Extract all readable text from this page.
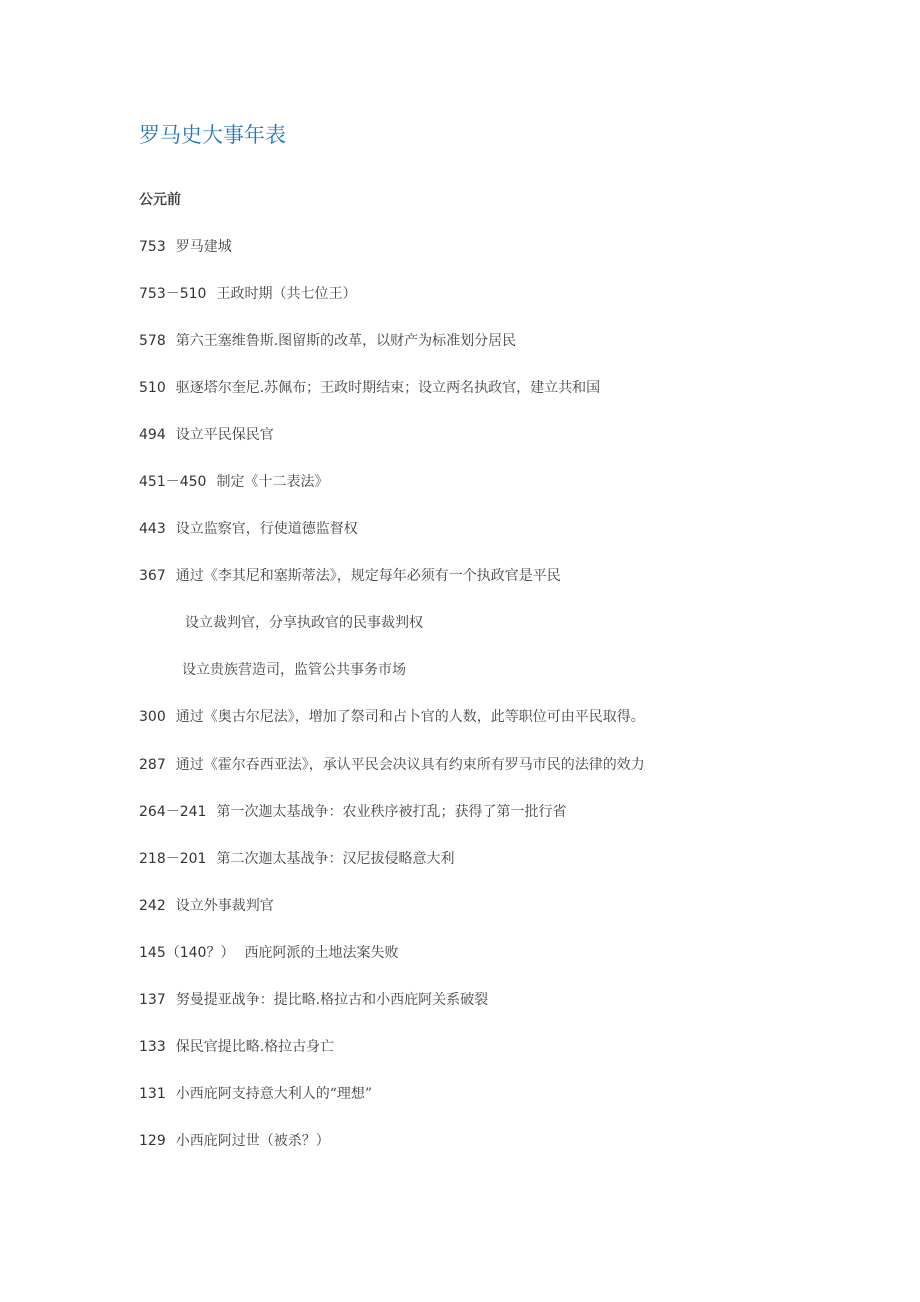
罗马史大事年表
公元前
753 罗马建城
753－510 王政时期（共七位王）
578 第六王塞维鲁斯.图留斯的改革，以财产为标准划分居民
510 驱逐塔尔奎尼.苏佩布；王政时期结束；设立两名执政官，建立共和国
494 设立平民保民官
451－450 制定《十二表法》
443 设立监察官，行使道德监督权
367 通过《李其尼和塞斯蒂法》，规定每年必须有一个执政官是平民
设立裁判官，分享执政官的民事裁判权
设立贵族营造司，监管公共事务市场
300 通过《奥古尔尼法》，增加了祭司和占卜官的人数，此等职位可由平民取得。
287 通过《霍尔吞西亚法》，承认平民会决议具有约束所有罗马市民的法律的效力
264－241 第一次迦太基战争：农业秩序被打乱；获得了第一批行省
218－201 第二次迦太基战争：汉尼拔侵略意大利
242 设立外事裁判官
145（140？） 西庇阿派的土地法案失败
137 努曼提亚战争：提比略.格拉古和小西庇阿关系破裂
133 保民官提比略.格拉古身亡
131 小西庇阿支持意大利人的“理想”
129 小西庇阿过世（被杀？）
